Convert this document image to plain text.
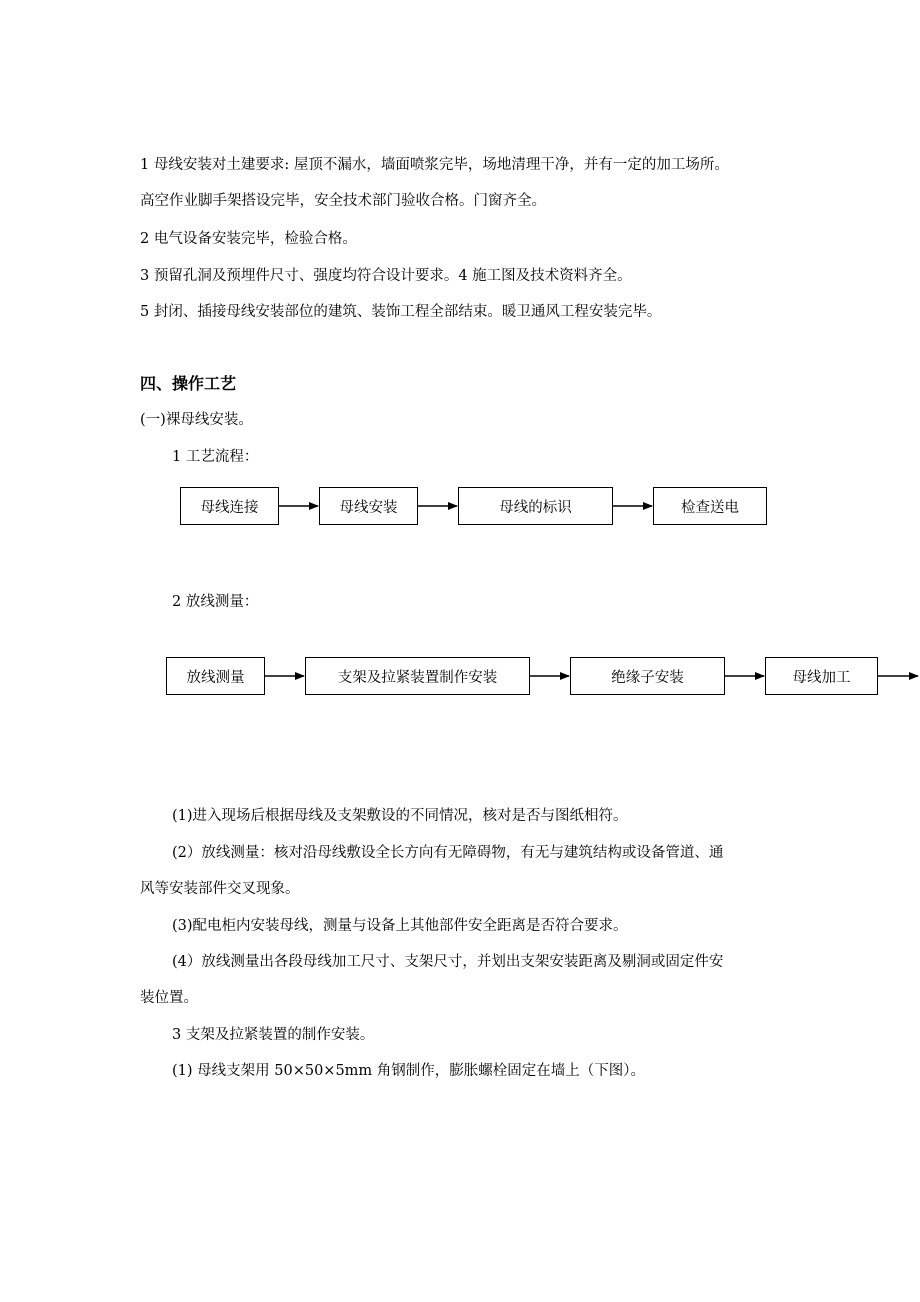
1 母线安装对土建要求: 屋顶不漏水，墙面喷浆完毕，场地清理干净，并有一定的加工场所。
高空作业脚手架搭设完毕，安全技术部门验收合格。门窗齐全。
2 电气设备安装完毕，检验合格。
3 预留孔洞及预埋件尺寸、强度均符合设计要求。4 施工图及技术资料齐全。
5 封闭、插接母线安装部位的建筑、装饰工程全部结束。暖卫通风工程安装完毕。
四、操作工艺
(一)裸母线安装。
1 工艺流程：
母线连接	母线安装	母线的标识	检查送电
2 放线测量：
放线测量	支架及拉紧装置制作安装	绝缘子安装	母线加工
(1)进入现场后根据母线及支架敷设的不同情况，核对是否与图纸相符。
(2）放线测量：核对沿母线敷设全长方向有无障碍物，有无与建筑结构或设备管道、通
风等安装部件交叉现象。
(3)配电柜内安装母线，测量与设备上其他部件安全距离是否符合要求。
(4）放线测量出各段母线加工尺寸、支架尺寸，并划出支架安装距离及剔洞或固定件安
装位置。
3 支架及拉紧装置的制作安装。
(1) 母线支架用 50×50×5mm 角钢制作，膨胀螺栓固定在墙上（下图）。
